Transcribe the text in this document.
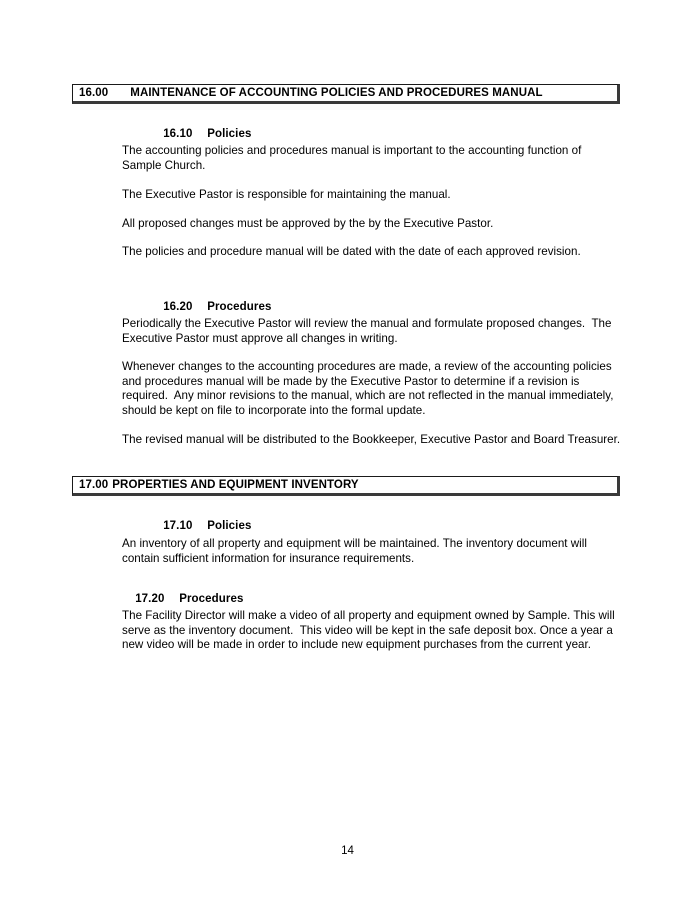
16.00 MAINTENANCE OF ACCOUNTING POLICIES AND PROCEDURES MANUAL

16.10 Policies

The accounting policies and procedures manual is important to the accounting function of Sample Church.
The Executive Pastor is responsible for maintaining the manual.
All proposed changes must be approved by the by the Executive Pastor.
The policies and procedure manual will be dated with the date of each approved revision.

16.20 Procedures

Periodically the Executive Pastor will review the manual and formulate proposed changes.  The Executive Pastor must approve all changes in writing.
Whenever changes to the accounting procedures are made, a review of the accounting policies and procedures manual will be made by the Executive Pastor to determine if a revision is required.  Any minor revisions to the manual, which are not reflected in the manual immediately, should be kept on file to incorporate into the formal update.
The revised manual will be distributed to the Bookkeeper, Executive Pastor and Board Treasurer.
17.00 PROPERTIES AND EQUIPMENT INVENTORY

17.10 Policies

An inventory of all property and equipment will be maintained. The inventory document will contain sufficient information for insurance requirements.

17.20 Procedures

The Facility Director will make a video of all property and equipment owned by Sample. This will serve as the inventory document.  This video will be kept in the safe deposit box. Once a year a new video will be made in order to include new equipment purchases from the current year.
14
